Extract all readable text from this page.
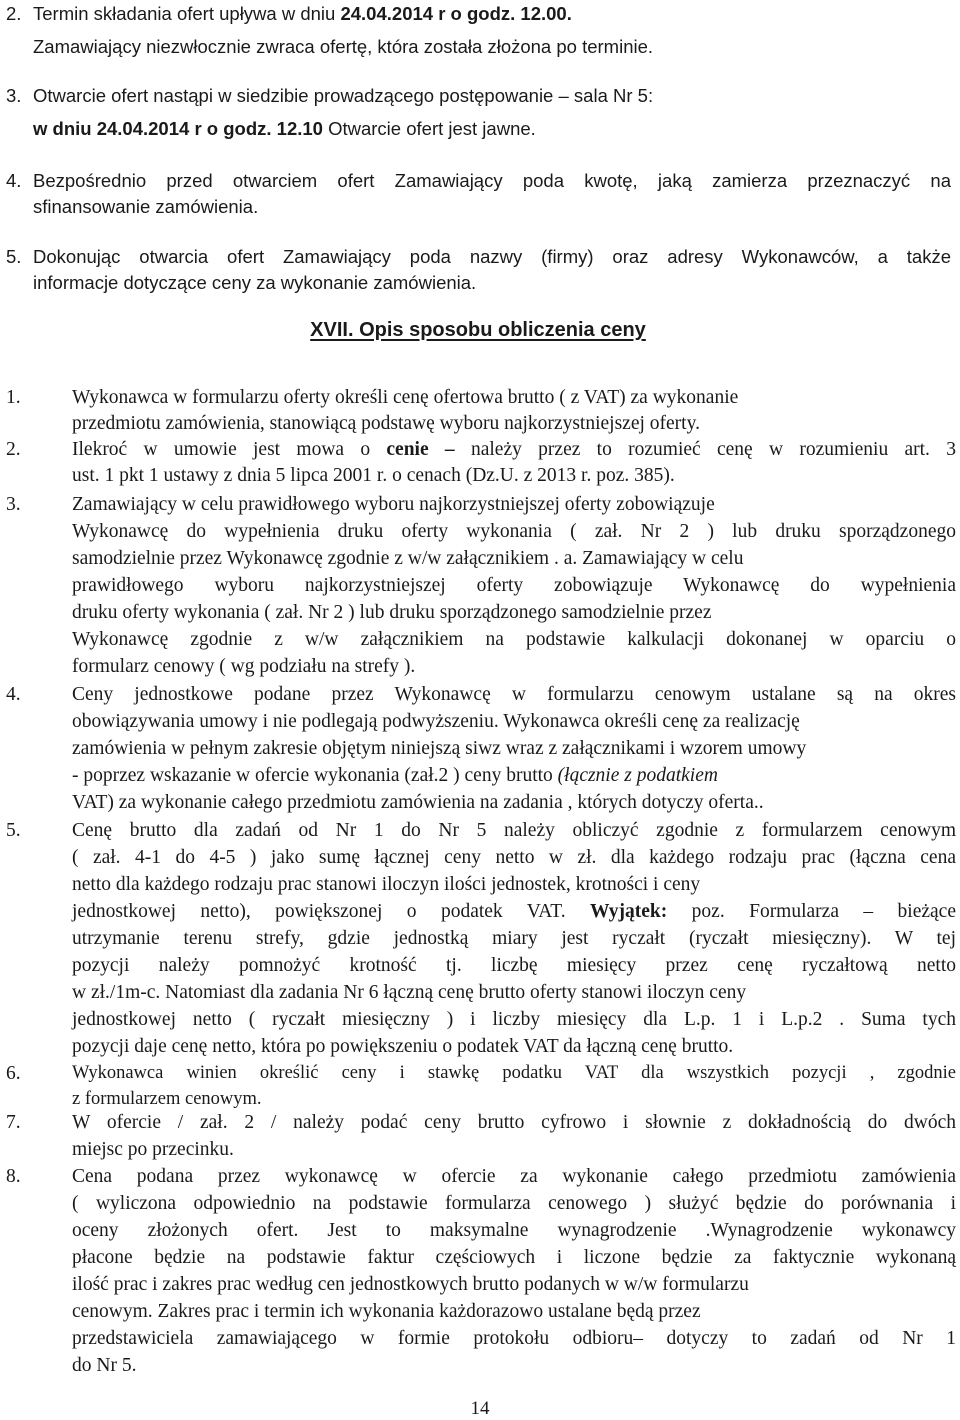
2. Termin składania ofert upływa w dniu 24.04.2014 r o godz. 12.00.
Zamawiający niezwłocznie zwraca ofertę, która została złożona po terminie.
3. Otwarcie ofert nastąpi w siedzibie prowadzącego postępowanie – sala Nr 5:
w dniu 24.04.2014 r o godz. 12.10 Otwarcie ofert jest jawne.
4. Bezpośrednio przed otwarciem ofert Zamawiający poda kwotę, jaką zamierza przeznaczyć na
sfinansowanie zamówienia.
5. Dokonując otwarcia ofert Zamawiający poda nazwy (firmy) oraz adresy Wykonawców, a także
informacje dotyczące ceny za wykonanie zamówienia.
XVII. Opis sposobu obliczenia ceny
1.	Wykonawca w formularzu oferty określi cenę ofertowa brutto ( z VAT) za wykonanie
przedmiotu zamówienia, stanowiącą podstawę wyboru najkorzystniejszej oferty.
2.	Ilekroć w umowie jest mowa o cenie – należy przez to rozumieć cenę w rozumieniu art. 3
ust. 1 pkt 1 ustawy z dnia 5 lipca 2001 r. o cenach (Dz.U. z 2013 r. poz. 385).
3.	Zamawiający w celu prawidłowego wyboru najkorzystniejszej oferty zobowiązuje
Wykonawcę do wypełnienia druku oferty wykonania ( zał. Nr 2 ) lub druku sporządzonego
samodzielnie przez Wykonawcę zgodnie z w/w załącznikiem . a. Zamawiający w celu
prawidłowego wyboru najkorzystniejszej oferty zobowiązuje Wykonawcę do wypełnienia
druku oferty wykonania ( zał. Nr 2 ) lub druku sporządzonego samodzielnie przez
Wykonawcę zgodnie z w/w załącznikiem na podstawie kalkulacji dokonanej w oparciu o
formularz cenowy ( wg podziału na strefy ).
4.	Ceny jednostkowe podane przez Wykonawcę w formularzu cenowym ustalane są na okres
obowiązywania umowy i nie podlegają podwyższeniu. Wykonawca określi cenę za realizację
zamówienia w pełnym zakresie objętym niniejszą siwz wraz z załącznikami i wzorem umowy
- poprzez wskazanie w ofercie wykonania (zał.2 ) ceny brutto (łącznie z podatkiem
VAT) za wykonanie całego przedmiotu zamówienia na zadania , których dotyczy oferta..
5.	Cenę brutto dla zadań od Nr 1 do Nr 5 należy obliczyć zgodnie z formularzem cenowym
( zał. 4-1 do 4-5 ) jako sumę łącznej ceny netto w zł. dla każdego rodzaju prac (łączna cena
netto dla każdego rodzaju prac stanowi iloczyn ilości jednostek, krotności i ceny
jednostkowej netto), powiększonej o podatek VAT. Wyjątek: poz. Formularza – bieżące
utrzymanie terenu strefy, gdzie jednostką miary jest ryczałt (ryczałt miesięczny). W tej
pozycji należy pomnożyć krotność tj. liczbę miesięcy przez cenę ryczałtową netto
w zł./1m-c. Natomiast dla zadania Nr 6 łączną cenę brutto oferty stanowi iloczyn ceny
jednostkowej netto ( ryczałt miesięczny ) i liczby miesięcy dla L.p. 1 i L.p.2 . Suma tych
pozycji daje cenę netto, która po powiększeniu o podatek VAT da łączną cenę brutto.
6.	Wykonawca winien określić ceny i stawkę podatku VAT dla wszystkich pozycji , zgodnie
z formularzem cenowym.
7.	W ofercie / zał. 2 / należy podać ceny brutto cyfrowo i słownie z dokładnością do dwóch
miejsc po przecinku.
8.	Cena podana przez wykonawcę w ofercie za wykonanie całego przedmiotu zamówienia
( wyliczona odpowiednio na podstawie formularza cenowego ) służyć będzie do porównania i
oceny złożonych ofert. Jest to maksymalne wynagrodzenie .Wynagrodzenie wykonawcy
płacone będzie na podstawie faktur częściowych i liczone będzie za faktycznie wykonaną
ilość prac i zakres prac według cen jednostkowych brutto podanych w w/w formularzu
cenowym. Zakres prac i termin ich wykonania każdorazowo ustalane będą przez
przedstawiciela zamawiającego w formie protokołu odbioru– dotyczy to zadań od Nr 1
do Nr 5.
14
